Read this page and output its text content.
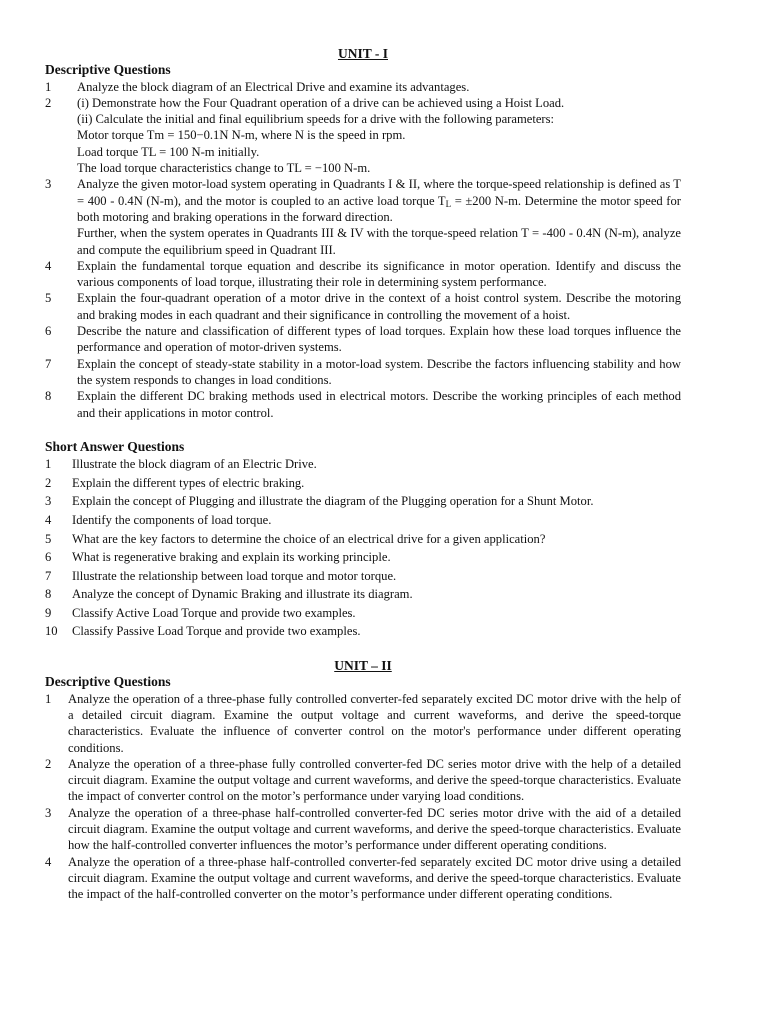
UNIT - I
Descriptive Questions
1	Analyze the block diagram of an Electrical Drive and examine its advantages.
2	(i) Demonstrate how the Four Quadrant operation of a drive can be achieved using a Hoist Load.
(ii) Calculate the initial and final equilibrium speeds for a drive with the following parameters:
Motor torque Tm = 150−0.1N N-m, where N is the speed in rpm.
Load torque TL = 100 N-m initially.
The load torque characteristics change to TL = −100 N-m.
3	Analyze the given motor-load system operating in Quadrants I & II, where the torque-speed relationship is defined as T = 400 - 0.4N (N-m), and the motor is coupled to an active load torque $T_L = \pm 200$ N-m. Determine the motor speed for both motoring and braking operations in the forward direction.
Further, when the system operates in Quadrants III & IV with the torque-speed relation T = -400 - 0.4N (N-m), analyze and compute the equilibrium speed in Quadrant III.
4	Explain the fundamental torque equation and describe its significance in motor operation. Identify and discuss the various components of load torque, illustrating their role in determining system performance.
5	Explain the four-quadrant operation of a motor drive in the context of a hoist control system. Describe the motoring and braking modes in each quadrant and their significance in controlling the movement of a hoist.
6	Describe the nature and classification of different types of load torques. Explain how these load torques influence the performance and operation of motor-driven systems.
7	Explain the concept of steady-state stability in a motor-load system. Describe the factors influencing stability and how the system responds to changes in load conditions.
8	Explain the different DC braking methods used in electrical motors. Describe the working principles of each method and their applications in motor control.
Short Answer Questions
1	Illustrate the block diagram of an Electric Drive.
2	Explain the different types of electric braking.
3	Explain the concept of Plugging and illustrate the diagram of the Plugging operation for a Shunt Motor.
4	Identify the components of load torque.
5	What are the key factors to determine the choice of an electrical drive for a given application?
6	What is regenerative braking and explain its working principle.
7	Illustrate the relationship between load torque and motor torque.
8	Analyze the concept of Dynamic Braking and illustrate its diagram.
9	Classify Active Load Torque and provide two examples.
10	Classify Passive Load Torque and provide two examples.
UNIT – II
Descriptive Questions
1	Analyze the operation of a three-phase fully controlled converter-fed separately excited DC motor drive with the help of a detailed circuit diagram. Examine the output voltage and current waveforms, and derive the speed-torque characteristics. Evaluate the influence of converter control on the motor's performance under different operating conditions.
2	Analyze the operation of a three-phase fully controlled converter-fed DC series motor drive with the help of a detailed circuit diagram. Examine the output voltage and current waveforms, and derive the speed-torque characteristics. Evaluate the impact of converter control on the motor’s performance under varying load conditions.
3	Analyze the operation of a three-phase half-controlled converter-fed DC series motor drive with the aid of a detailed circuit diagram. Examine the output voltage and current waveforms, and derive the speed-torque characteristics. Evaluate how the half-controlled converter influences the motor’s performance under different operating conditions.
4	Analyze the operation of a three-phase half-controlled converter-fed separately excited DC motor drive using a detailed circuit diagram. Examine the output voltage and current waveforms, and derive the speed-torque characteristics. Evaluate the impact of the half-controlled converter on the motor’s performance under different operating conditions.
